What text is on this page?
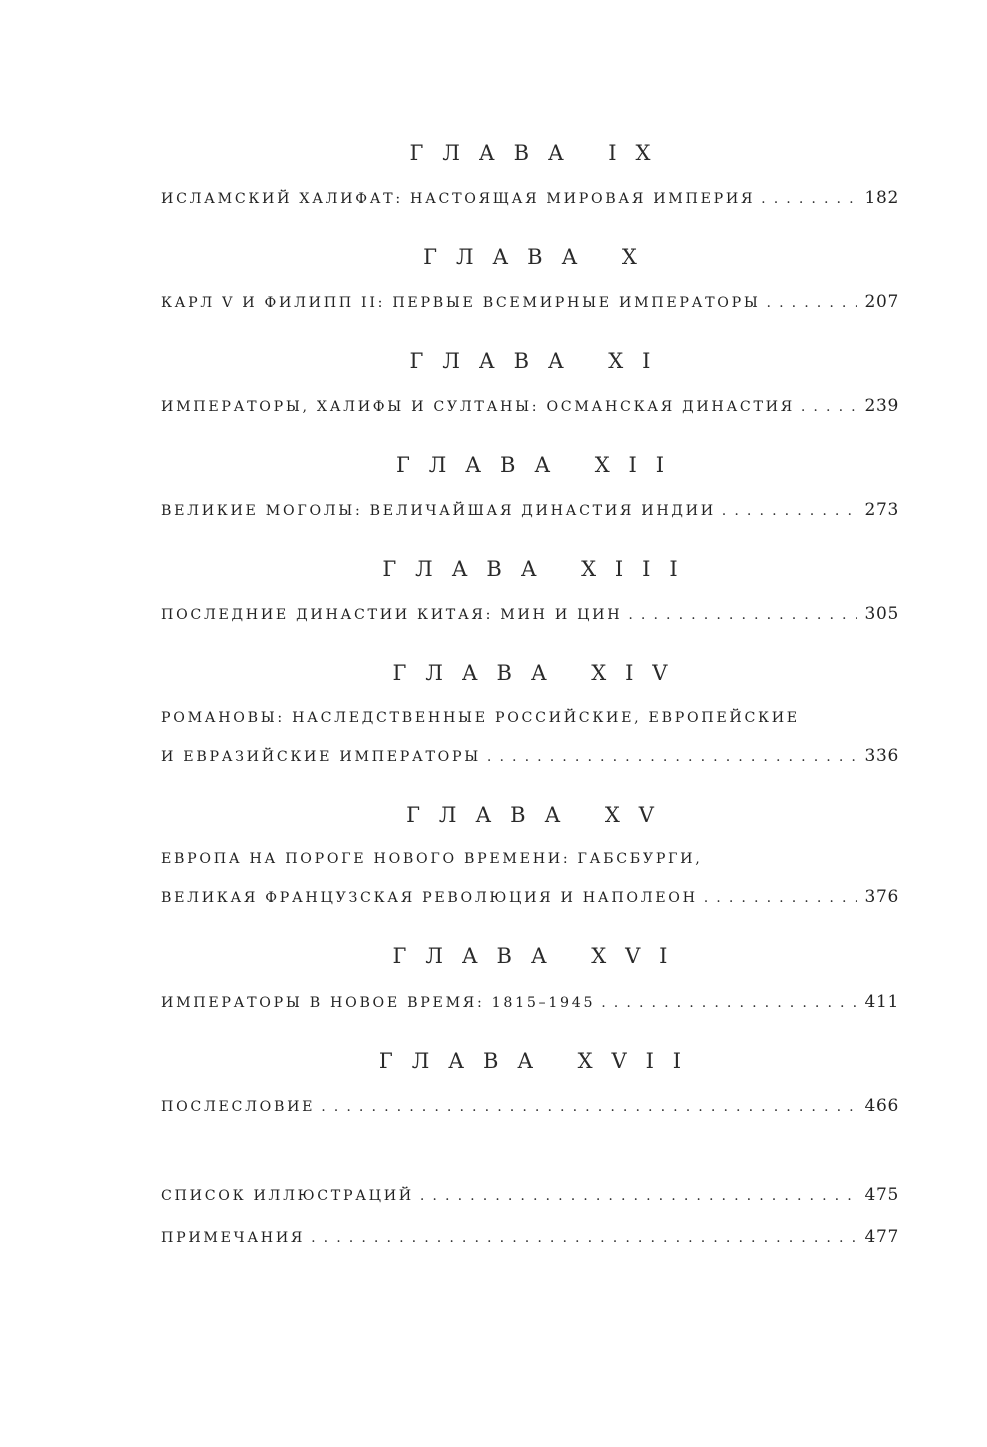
ГЛАВА IX
ИСЛАМСКИЙ ХАЛИФАТ: НАСТОЯЩАЯ МИРОВАЯ ИМПЕРИЯ . . .	182
ГЛАВА X
КАРЛ V И ФИЛИПП II: ПЕРВЫЕ ВСЕМИРНЫЕ ИМПЕРАТОРЫ . . .	207
ГЛАВА XI
ИМПЕРАТОРЫ, ХАЛИФЫ И СУЛТАНЫ: ОСМАНСКАЯ ДИНАСТИЯ . . .	239
ГЛАВА XII
ВЕЛИКИЕ МОГОЛЫ: ВЕЛИЧАЙШАЯ ДИНАСТИЯ ИНДИИ . . .	273
ГЛАВА XIII
ПОСЛЕДНИЕ ДИНАСТИИ КИТАЯ: МИН И ЦИН . . .	305
ГЛАВА XIV
РОМАНОВЫ: НАСЛЕДСТВЕННЫЕ РОССИЙСКИЕ, ЕВРОПЕЙСКИЕ
И ЕВРАЗИЙСКИЕ ИМПЕРАТОРЫ . . .	336
ГЛАВА XV
ЕВРОПА НА ПОРОГЕ НОВОГО ВРЕМЕНИ: ГАБСБУРГИ,
ВЕЛИКАЯ ФРАНЦУЗСКАЯ РЕВОЛЮЦИЯ И НАПОЛЕОН . . .	376
ГЛАВА XVI
ИМПЕРАТОРЫ В НОВОЕ ВРЕМЯ: 1815–1945 . . .	411
ГЛАВА XVII
ПОСЛЕСЛОВИЕ . . .	466
СПИСОК ИЛЛЮСТРАЦИЙ . . .	475
ПРИМЕЧАНИЯ . . .	477
